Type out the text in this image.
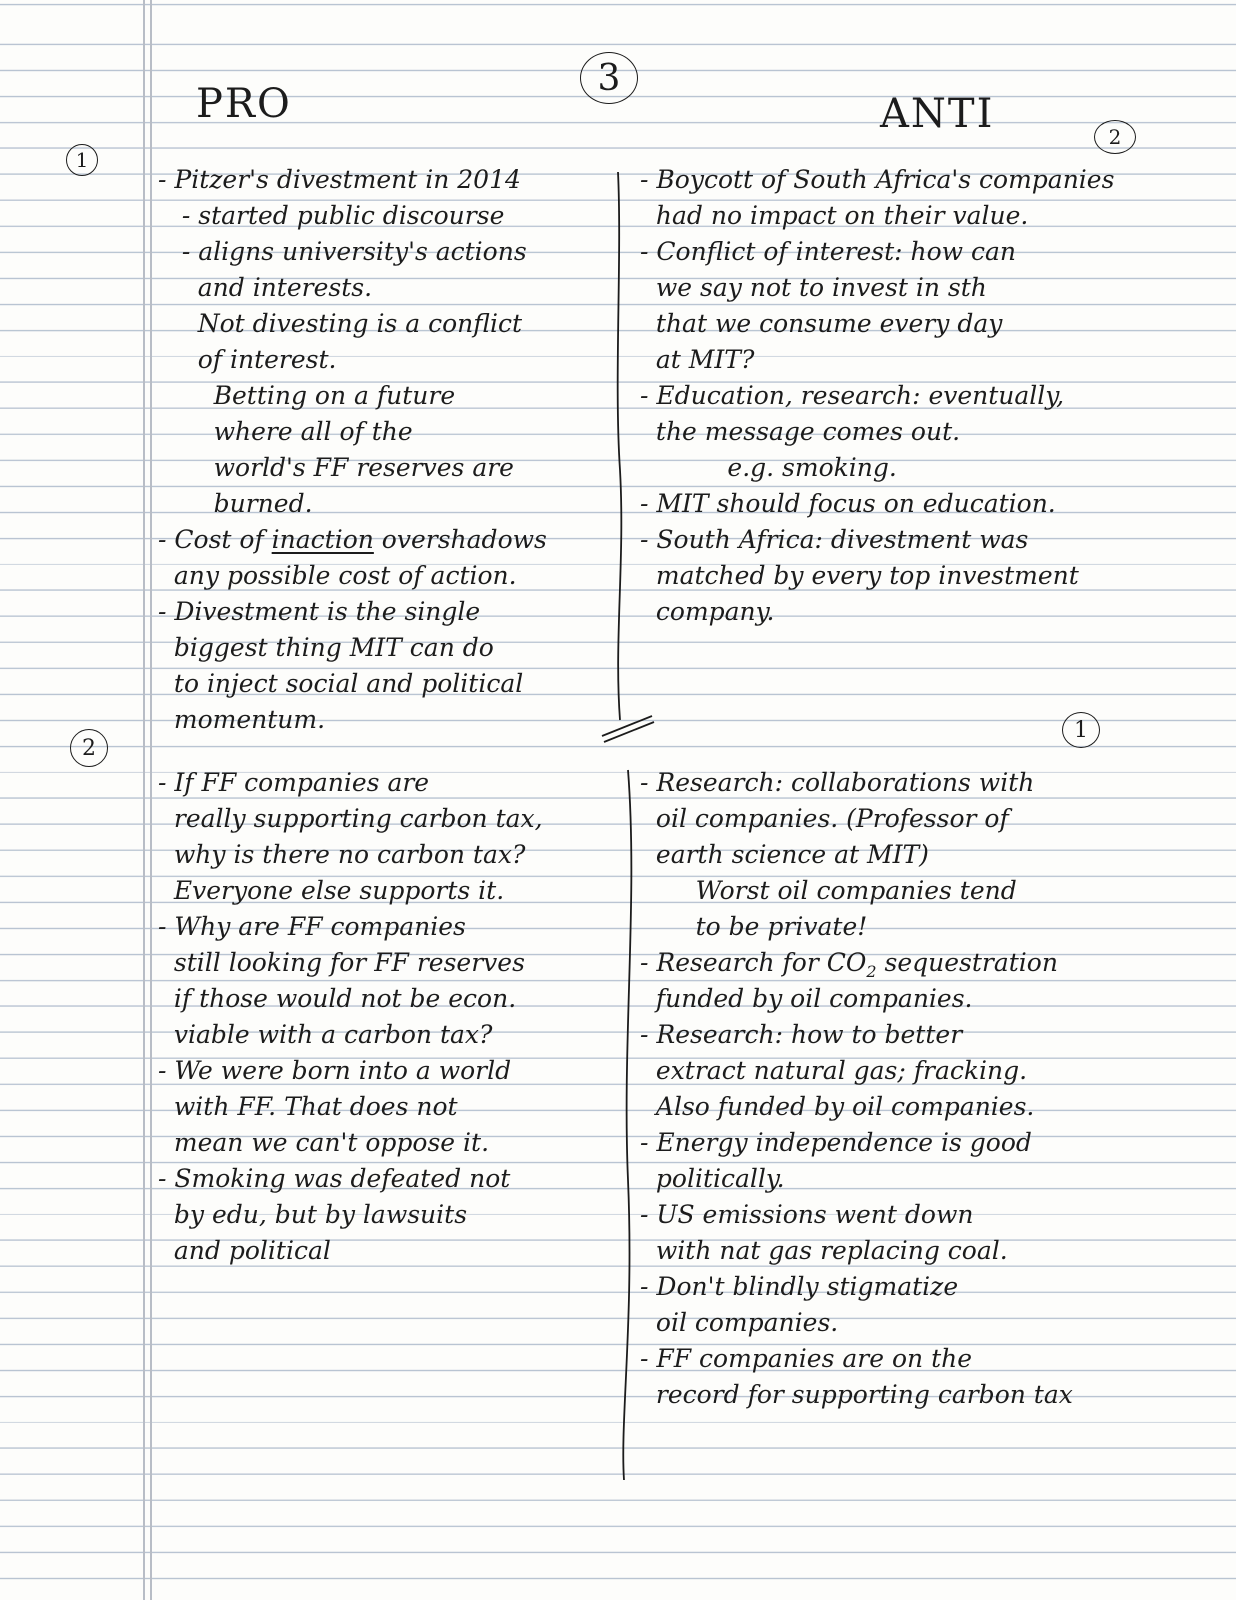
3
PRO	ANTI
1
2
2
1
- Pitzer's divestment in 2014
- started public discourse
- aligns university's actions
and interests.
Not divesting is a conflict
of interest.
Betting on a future
where all of the
world's FF reserves are
burned.
- Cost of inaction overshadows
any possible cost of action.
- Divestment is the single
biggest thing MIT can do
to inject social and political
momentum.
- If FF companies are
really supporting carbon tax,
why is there no carbon tax?
Everyone else supports it.
- Why are FF companies
still looking for FF reserves
if those would not be econ.
viable with a carbon tax?
- We were born into a world
with FF. That does not
mean we can't oppose it.
- Smoking was defeated not
by edu, but by lawsuits
and political
- Boycott of South Africa's companies
had no impact on their value.
- Conflict of interest: how can
we say not to invest in sth
that we consume every day
at MIT?
- Education, research: eventually,
the message comes out.
e.g. smoking.
- MIT should focus on education.
- South Africa: divestment was
matched by every top investment
company.
- Research: collaborations with
oil companies. (Professor of
earth science at MIT)
Worst oil companies tend
to be private!
- Research for $CO_2$ sequestration
funded by oil companies.
- Research: how to better
extract natural gas; fracking.
Also funded by oil companies.
- Energy independence is good
politically.
- US emissions went down
with nat gas replacing coal.
- Don't blindly stigmatize
oil companies.
- FF companies are on the
record for supporting carbon tax
